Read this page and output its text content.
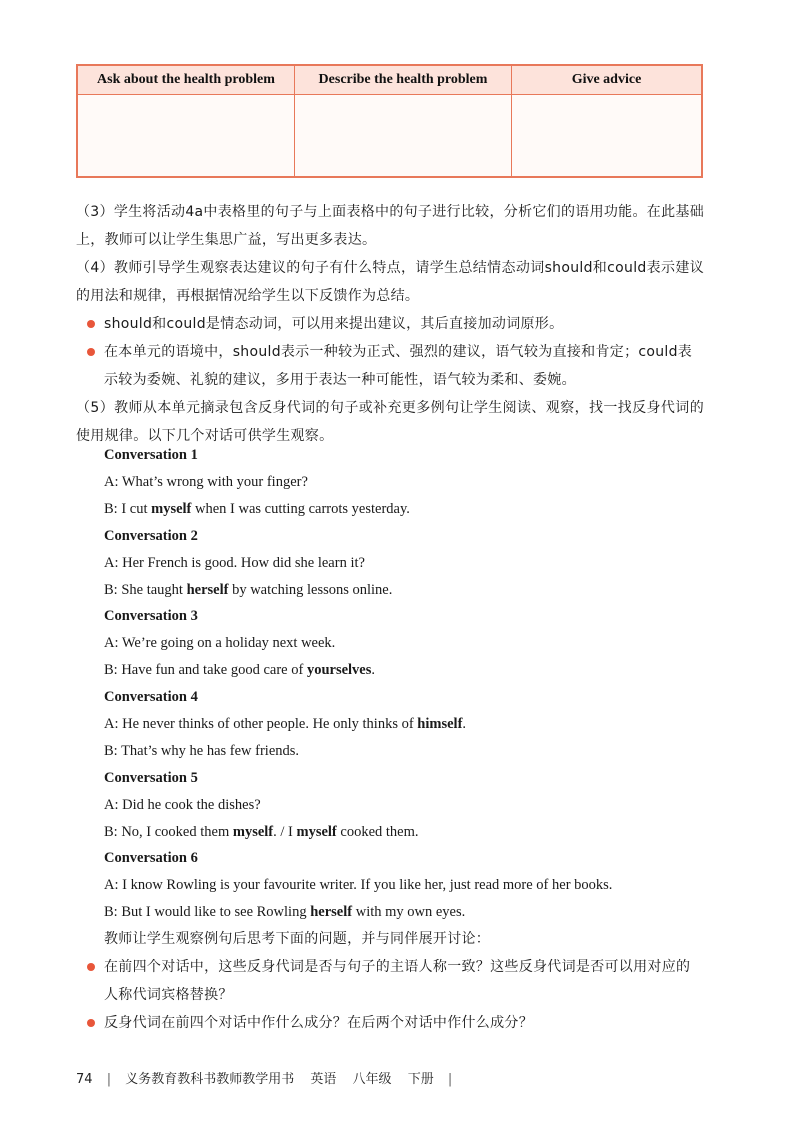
Ask about the health problem	Describe the health problem	Give advice

（3）学生将活动4a中表格里的句子与上面表格中的句子进行比较，分析它们的语用功能。在此基础上，教师可以让学生集思广益，写出更多表达。

（4）教师引导学生观察表达建议的句子有什么特点，请学生总结情态动词should和could表示建议的用法和规律，再根据情况给学生以下反馈作为总结。

should和could是情态动词，可以用来提出建议，其后直接加动词原形。
在本单元的语境中，should表示一种较为正式、强烈的建议，语气较为直接和肯定；could表示较为委婉、礼貌的建议，多用于表达一种可能性，语气较为柔和、委婉。

（5）教师从本单元摘录包含反身代词的句子或补充更多例句让学生阅读、观察，找一找反身代词的使用规律。以下几个对话可供学生观察。

Conversation 1
A: What’s wrong with your finger?
B: I cut myself when I was cutting carrots yesterday.
Conversation 2
A: Her French is good. How did she learn it?
B: She taught herself by watching lessons online.
Conversation 3
A: We’re going on a holiday next week.
B: Have fun and take good care of yourselves.
Conversation 4
A: He never thinks of other people. He only thinks of himself.
B: That’s why he has few friends.
Conversation 5
A: Did he cook the dishes?
B: No, I cooked them myself. / I myself cooked them.
Conversation 6
A: I know Rowling is your favourite writer. If you like her, just read more of her books.
B: But I would like to see Rowling herself with my own eyes.

教师让学生观察例句后思考下面的问题，并与同伴展开讨论：

在前四个对话中，这些反身代词是否与句子的主语人称一致？这些反身代词是否可以用对应的人称代词宾格替换？
反身代词在前四个对话中作什么成分？在后两个对话中作什么成分？
74 | 义务教育教科书教师教学用书 英语 八年级 下册 |
